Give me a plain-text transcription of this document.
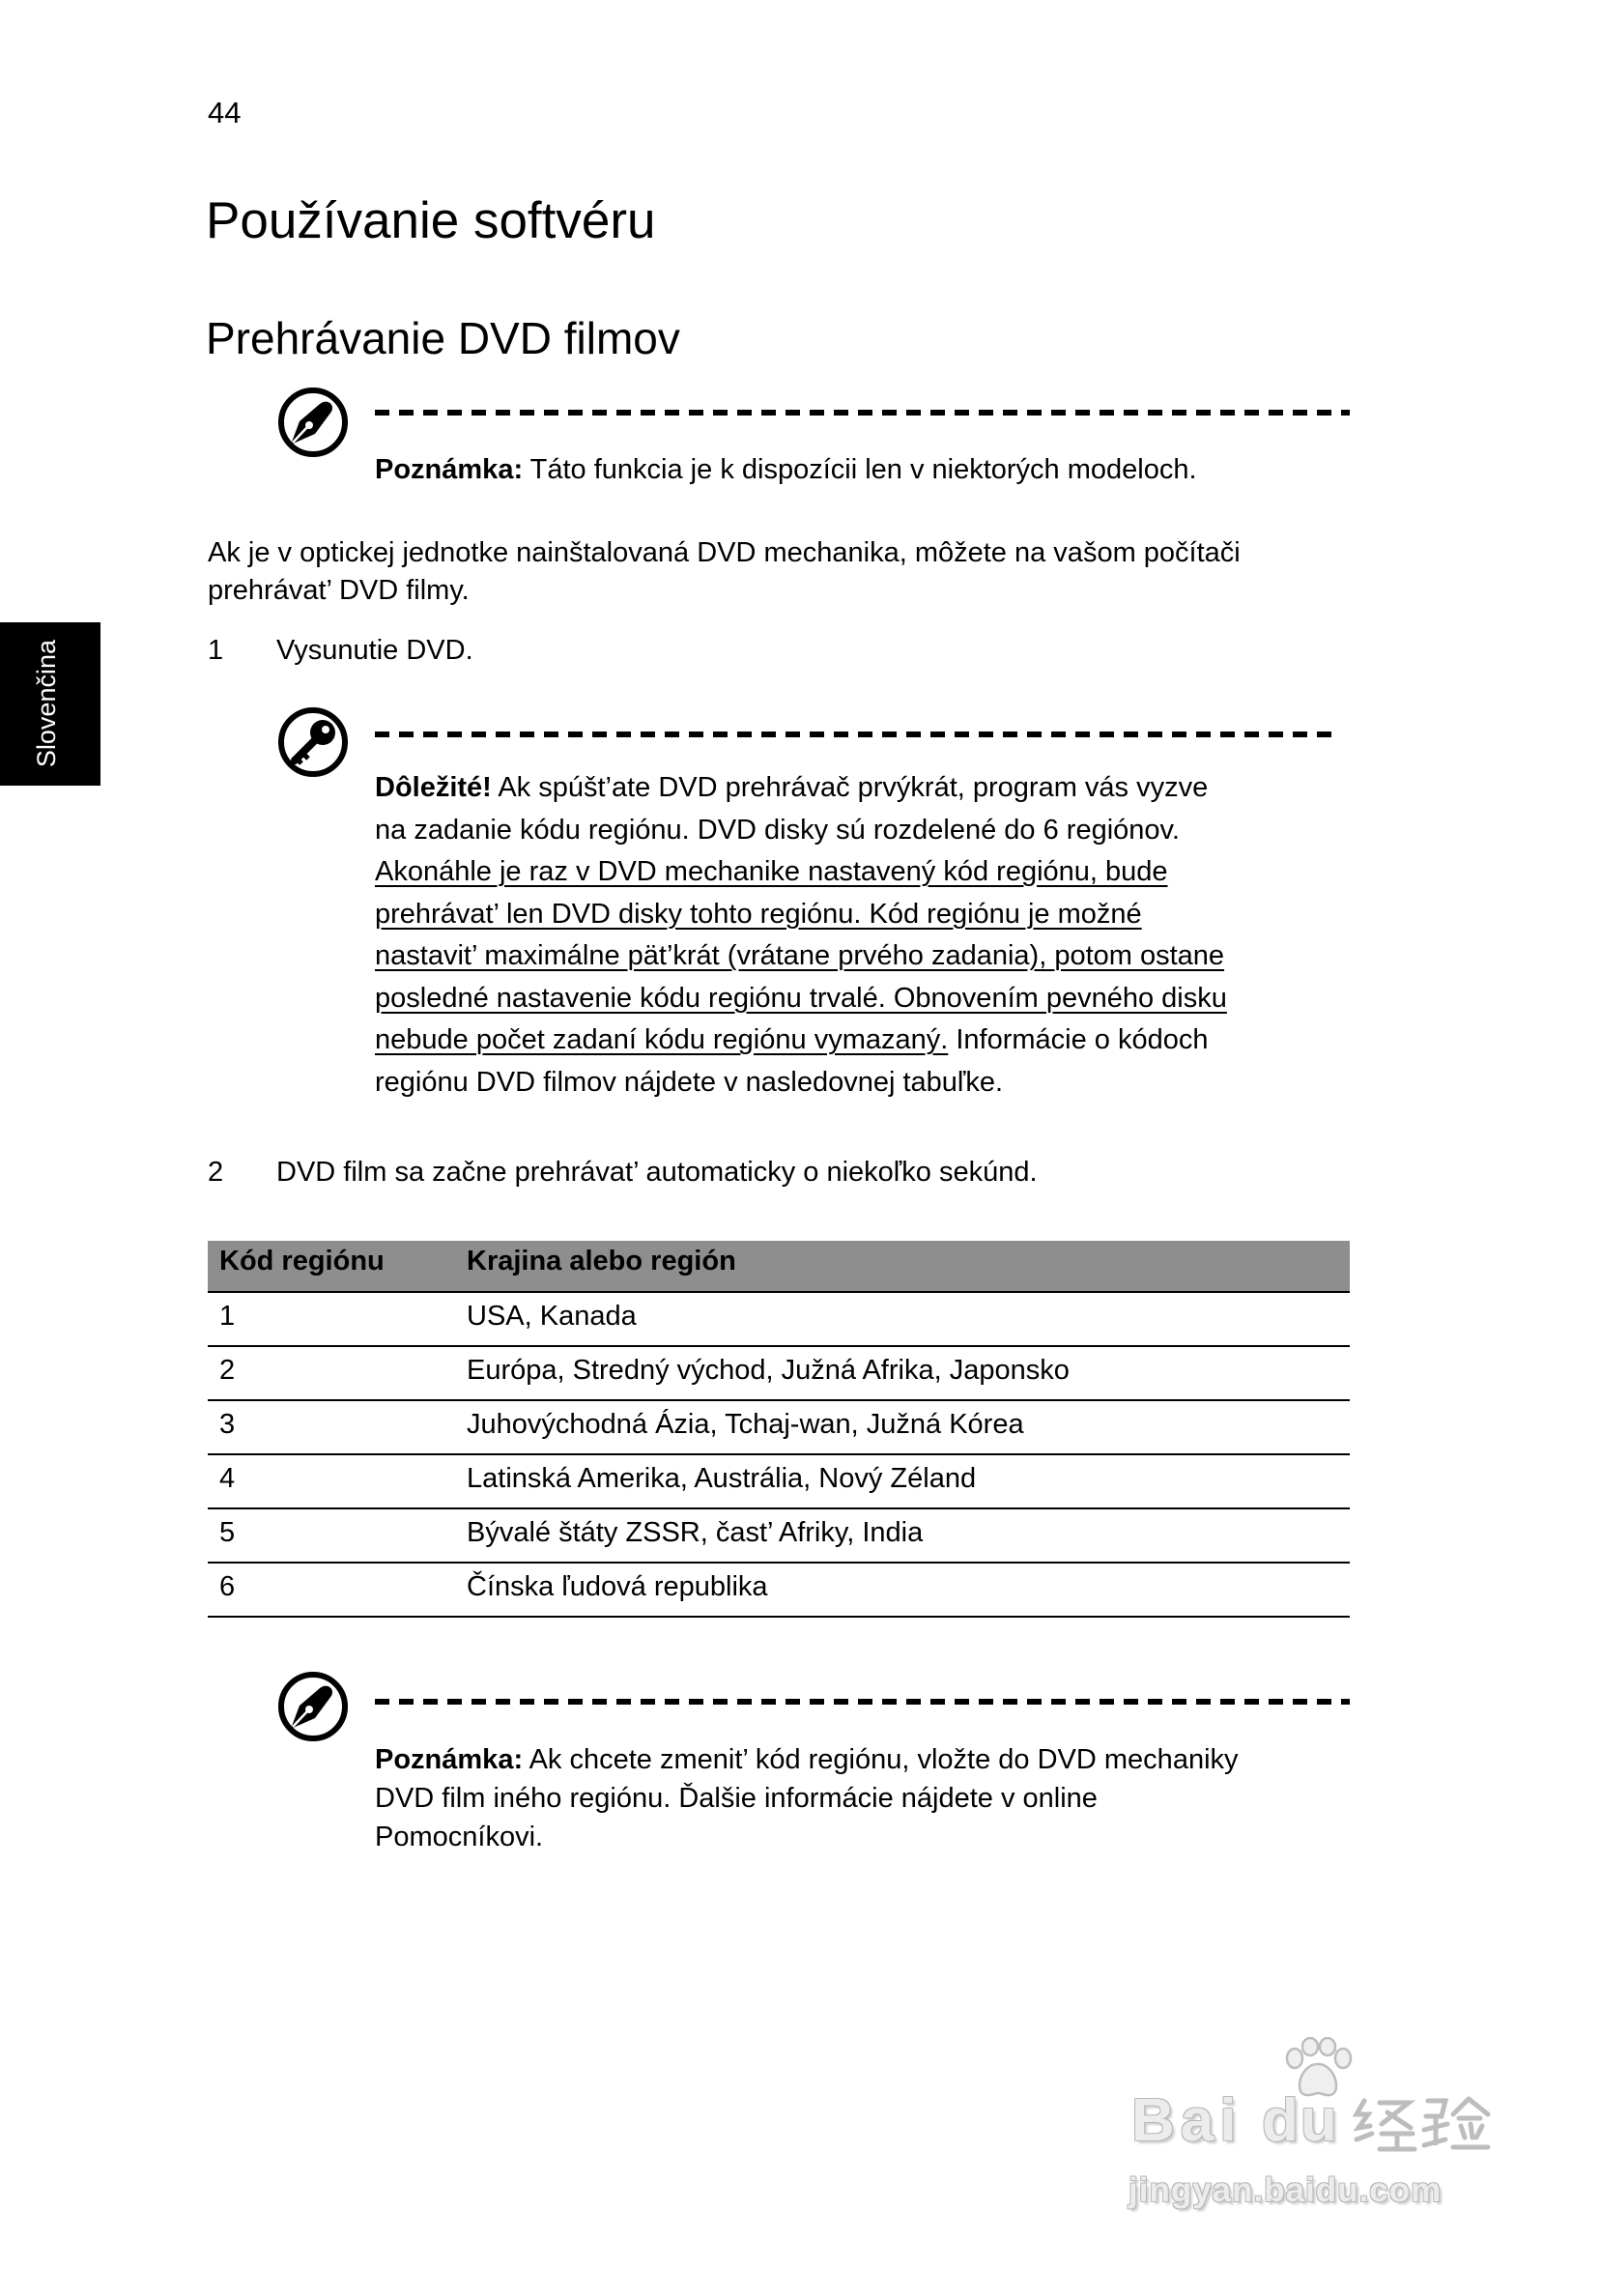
44
Používanie softvéru
Prehrávanie DVD filmov
Slovenčina
Poznámka: Táto funkcia je k dispozícii len v niektorých modeloch.
Ak je v optickej jednotke nainštalovaná DVD mechanika, môžete na vašom počítači
prehrávat’ DVD filmy.
1 Vysunutie DVD.
Dôležité! Ak spúšt’ate DVD prehrávač prvýkrát, program vás vyzve
na zadanie kódu regiónu. DVD disky sú rozdelené do 6 regiónov.
Akonáhle je raz v DVD mechanike nastavený kód regiónu, bude
prehrávat’ len DVD disky tohto regiónu. Kód regiónu je možné
nastavit’ maximálne pät’krát (vrátane prvého zadania), potom ostane
posledné nastavenie kódu regiónu trvalé. Obnovením pevného disku
nebude počet zadaní kódu regiónu vymazaný. Informácie o kódoch
regiónu DVD filmov nájdete v nasledovnej tabuľke.
2 DVD film sa začne prehrávat’ automaticky o niekoľko sekúnd.
Kód regiónu	Krajina alebo región
1	USA, Kanada
2	Európa, Stredný východ, Južná Afrika, Japonsko
3	Juhovýchodná Ázia, Tchaj-wan, Južná Kórea
4	Latinská Amerika, Austrália, Nový Zéland
5	Bývalé štáty ZSSR, čast’ Afriky, India
6	Čínska ľudová republika
Poznámka: Ak chcete zmenit’ kód regiónu, vložte do DVD mechaniky
DVD film iného regiónu. Ďalšie informácie nájdete v online
Pomocníkovi.
Bai du
jingyan.baidu.com
